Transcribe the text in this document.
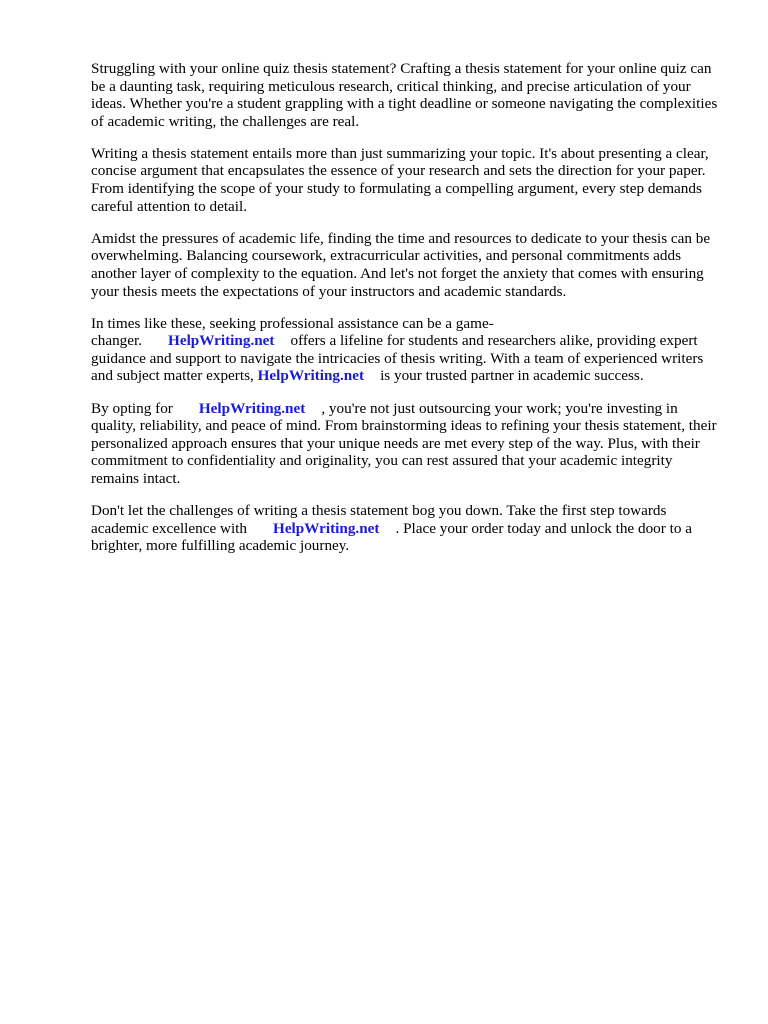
Struggling with your online quiz thesis statement? Crafting a thesis statement for your online quiz can be a daunting task, requiring meticulous research, critical thinking, and precise articulation of your ideas. Whether you're a student grappling with a tight deadline or someone navigating the complexities of academic writing, the challenges are real.

Writing a thesis statement entails more than just summarizing your topic. It's about presenting a clear, concise argument that encapsulates the essence of your research and sets the direction for your paper. From identifying the scope of your study to formulating a compelling argument, every step demands careful attention to detail.

Amidst the pressures of academic life, finding the time and resources to dedicate to your thesis can be overwhelming. Balancing coursework, extracurricular activities, and personal commitments adds another layer of complexity to the equation. And let's not forget the anxiety that comes with ensuring your thesis meets the expectations of your instructors and academic standards.

In times like these, seeking professional assistance can be a game-changer. HelpWriting.net offers a lifeline for students and researchers alike, providing expert guidance and support to navigate the intricacies of thesis writing. With a team of experienced writers and subject matter experts, HelpWriting.net is your trusted partner in academic success.

By opting for HelpWriting.net , you're not just outsourcing your work; you're investing in quality, reliability, and peace of mind. From brainstorming ideas to refining your thesis statement, their personalized approach ensures that your unique needs are met every step of the way. Plus, with their commitment to confidentiality and originality, you can rest assured that your academic integrity remains intact.

Don't let the challenges of writing a thesis statement bog you down. Take the first step towards academic excellence with HelpWriting.net . Place your order today and unlock the door to a brighter, more fulfilling academic journey.
